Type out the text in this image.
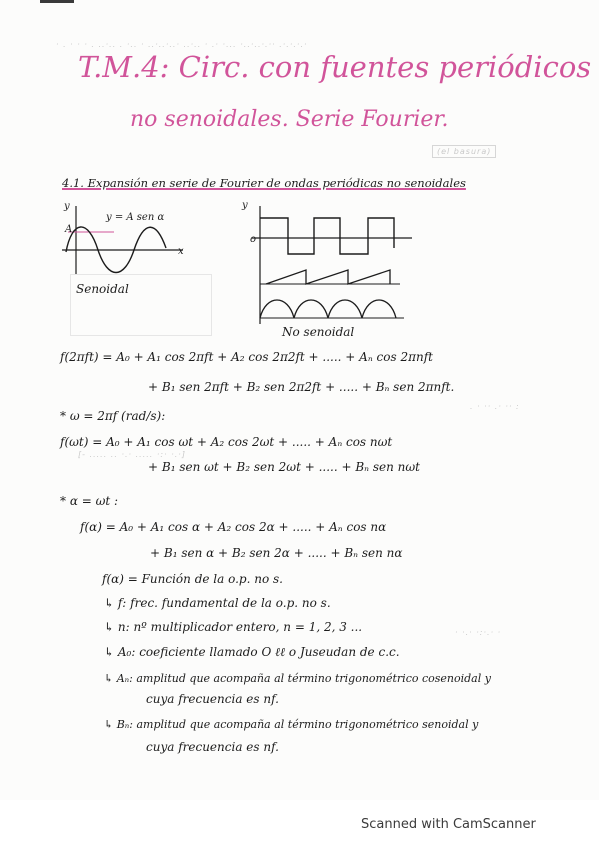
· . · · · . ..·.. . ·.. · ..·..·..· ..·.. · .· ·... ·..·..·.·· .·.·.·.·
(el basura)
[- ..... .. ·.· ..... ·:· ·.·]
. · ·· .· ·· :
· ·.· ·:·.· ·
T.M.4: Circ. con fuentes periódicos
no senoidales. Serie Fourier.
4.1. Expansión en serie de Fourier de ondas periódicas no senoidales
y
y = A sen α
A
x
Senoidal
y
o
No senoidal
f(2πft) = A₀ + A₁ cos 2πft + A₂ cos 2π2ft + ..... + Aₙ cos 2πnft
+ B₁ sen 2πft + B₂ sen 2π2ft + ..... + Bₙ sen 2πnft.
* ω = 2πf (rad/s):
f(ωt) = A₀ + A₁ cos ωt + A₂ cos 2ωt + ..... + Aₙ cos nωt
+ B₁ sen ωt + B₂ sen 2ωt + ..... + Bₙ sen nωt
* α = ωt :
f(α) = A₀ + A₁ cos α + A₂ cos 2α + ..... + Aₙ cos nα
+ B₁ sen α + B₂ sen 2α + ..... + Bₙ sen nα
f(α) = Función de la o.p. no s.
↳ f: frec. fundamental de la o.p. no s.
↳ n: nº multiplicador entero, n = 1, 2, 3 ...
↳ A₀: coeficiente llamado O ℓℓ o Juseudan de c.c.
↳ Aₙ: amplitud que acompaña al término trigonométrico cosenoidal y
cuya frecuencia es nf.
↳ Bₙ: amplitud que acompaña al término trigonométrico senoidal y
cuya frecuencia es nf.
Scanned with CamScanner
